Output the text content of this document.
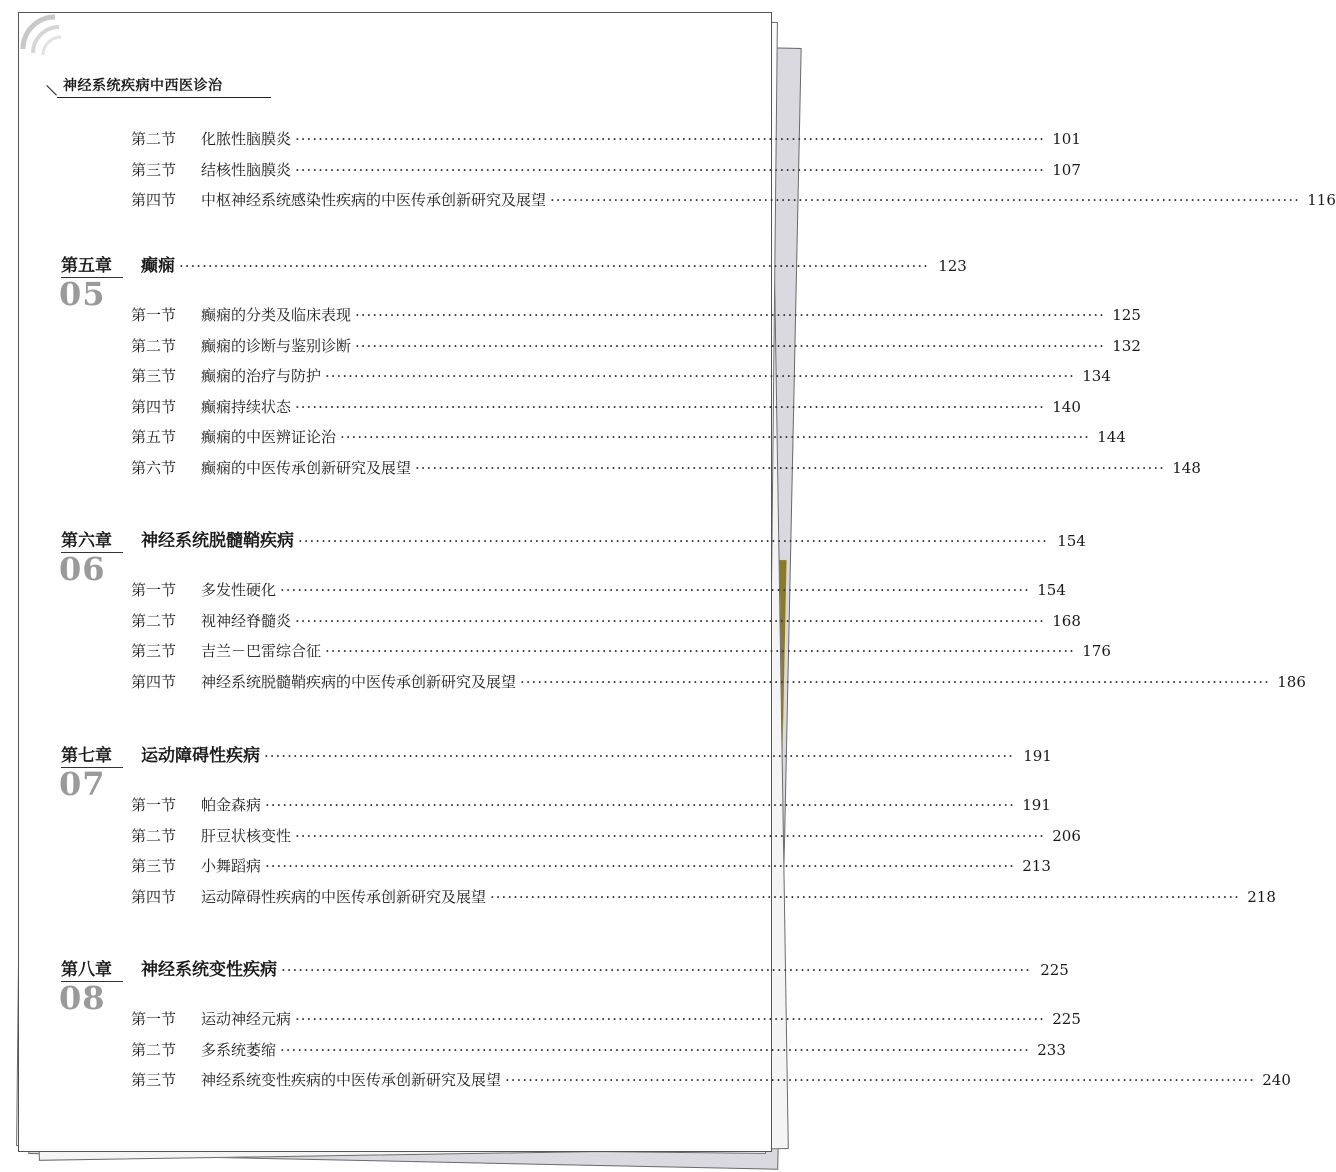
神经系统疾病中西医诊治
第二节	化脓性脑膜炎 ·································································································································· 101
第三节	结核性脑膜炎 ·································································································································· 107
第四节	中枢神经系统感染性疾病的中医传承创新研究及展望 ·································································································································· 116
第五章	癫痫 ·································································································································· 123
05
第一节	癫痫的分类及临床表现 ·································································································································· 125
第二节	癫痫的诊断与鉴别诊断 ·································································································································· 132
第三节	癫痫的治疗与防护 ·································································································································· 134
第四节	癫痫持续状态 ·································································································································· 140
第五节	癫痫的中医辨证论治 ·································································································································· 144
第六节	癫痫的中医传承创新研究及展望 ·································································································································· 148
第六章	神经系统脱髓鞘疾病 ·································································································································· 154
06
第一节	多发性硬化 ·································································································································· 154
第二节	视神经脊髓炎 ·································································································································· 168
第三节	吉兰－巴雷综合征 ·································································································································· 176
第四节	神经系统脱髓鞘疾病的中医传承创新研究及展望 ·································································································································· 186
第七章	运动障碍性疾病 ·································································································································· 191
07
第一节	帕金森病 ·································································································································· 191
第二节	肝豆状核变性 ·································································································································· 206
第三节	小舞蹈病 ·································································································································· 213
第四节	运动障碍性疾病的中医传承创新研究及展望 ·································································································································· 218
第八章	神经系统变性疾病 ·································································································································· 225
08
第一节	运动神经元病 ·································································································································· 225
第二节	多系统萎缩 ·································································································································· 233
第三节	神经系统变性疾病的中医传承创新研究及展望 ·································································································································· 240
